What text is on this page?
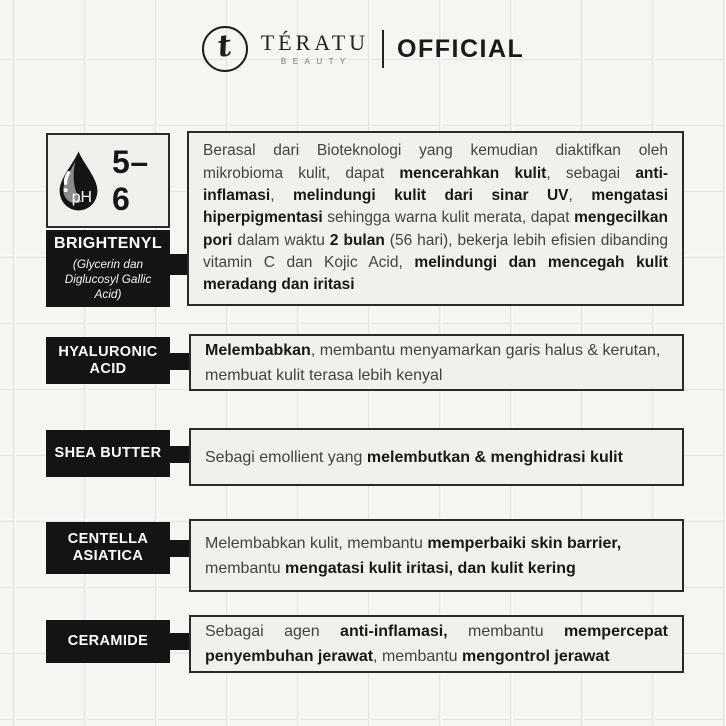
t TÉRATU
BEAUTY OFFICIAL
pH
5–6
BRIGHTENYL
(Glycerin dan Diglucosyl Gallic Acid)

Berasal dari Bioteknologi yang kemudian diaktifkan oleh mikrobioma kulit, dapat mencerahkan kulit, sebagai anti-inflamasi, melindungi kulit dari sinar UV, mengatasi hiperpigmentasi sehingga warna kulit merata, dapat mengecilkan pori dalam waktu 2 bulan (56 hari), bekerja lebih efisien dibanding vitamin C dan Kojic Acid, melindungi dan mencegah kulit meradang dan iritasi

HYALURONIC ACID

Melembabkan, membantu menyamarkan garis halus & kerutan, membuat kulit terasa lebih kenyal

SHEA BUTTER	Sebagi emollient yang melembutkan & menghidrasi kulit

CENTELLA ASIATICA

Melembabkan kulit, membantu memperbaiki skin barrier, membantu mengatasi kulit iritasi, dan kulit kering

CERAMIDE

Sebagai agen anti-inflamasi, membantu mempercepat penyembuhan jerawat, membantu mengontrol jerawat
